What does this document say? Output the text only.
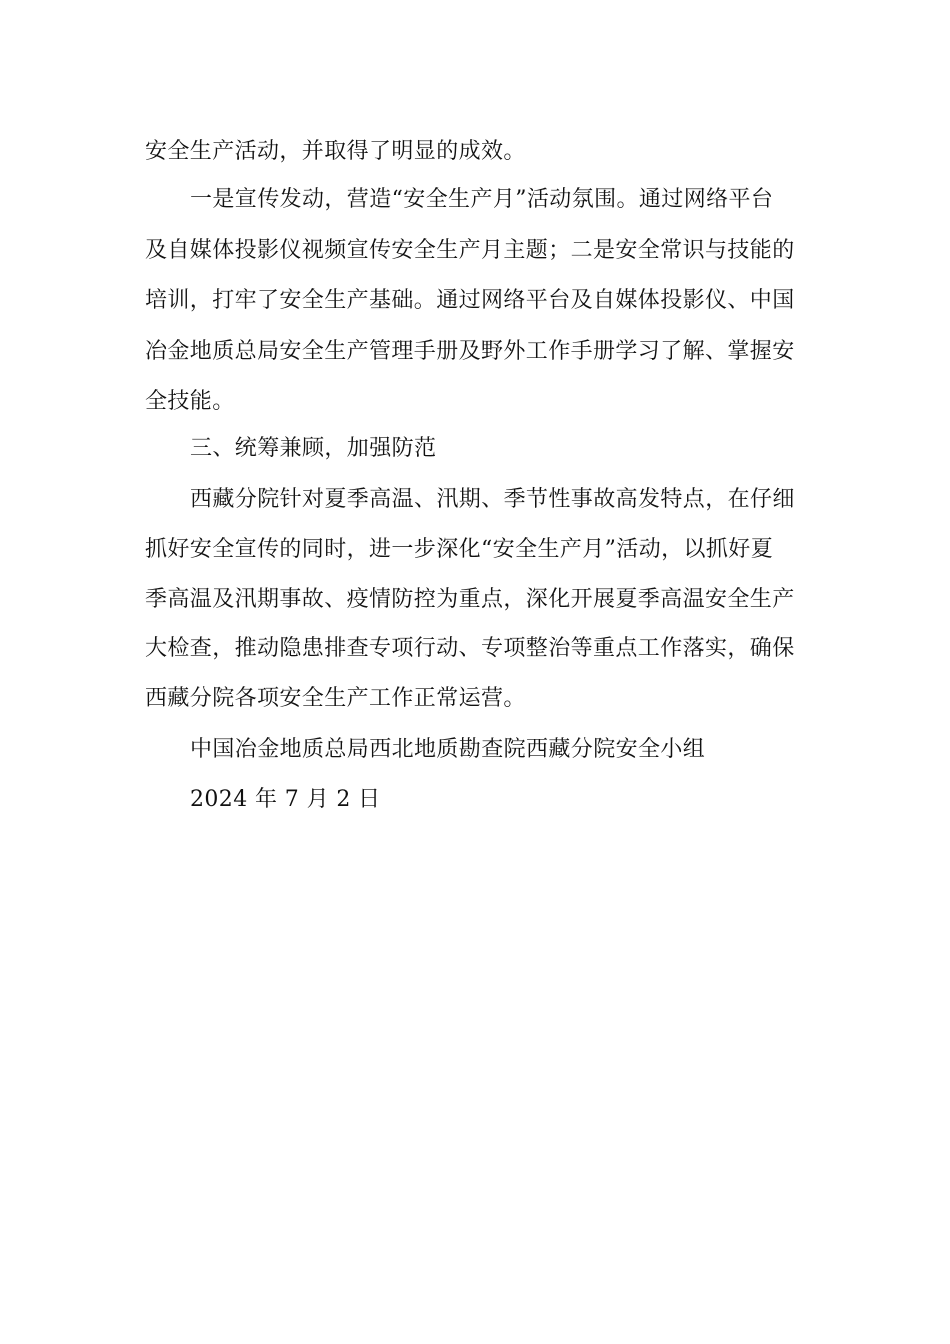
安全生产活动，并取得了明显的成效。
一是宣传发动，营造“安全生产月”活动氛围。通过网络平台
及自媒体投影仪视频宣传安全生产月主题；二是安全常识与技能的
培训，打牢了安全生产基础。通过网络平台及自媒体投影仪、中国
冶金地质总局安全生产管理手册及野外工作手册学习了解、掌握安
全技能。
三、统筹兼顾，加强防范
西藏分院针对夏季高温、汛期、季节性事故高发特点，在仔细
抓好安全宣传的同时，进一步深化“安全生产月”活动，以抓好夏
季高温及汛期事故、疫情防控为重点，深化开展夏季高温安全生产
大检查，推动隐患排查专项行动、专项整治等重点工作落实，确保
西藏分院各项安全生产工作正常运营。
中国冶金地质总局西北地质勘查院西藏分院安全小组
2024 年 7 月 2 日
